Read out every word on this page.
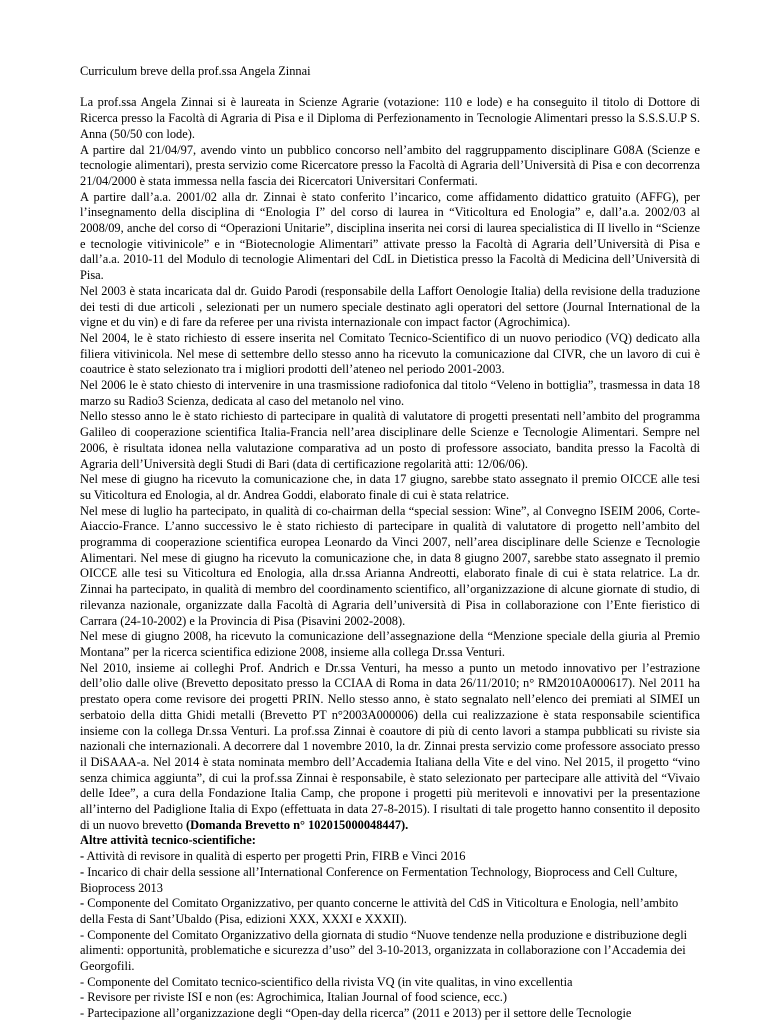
Curriculum breve della prof.ssa Angela Zinnai

La prof.ssa Angela Zinnai si è laureata in Scienze Agrarie (votazione: 110 e lode) e ha conseguito il titolo di Dottore di Ricerca presso la Facoltà di Agraria di Pisa e il Diploma di Perfezionamento in Tecnologie Alimentari presso la S.S.S.U.P S. Anna (50/50 con lode).

A partire dal 21/04/97, avendo vinto un pubblico concorso nell’ambito del raggruppamento disciplinare G08A (Scienze e tecnologie alimentari), presta servizio come Ricercatore presso la Facoltà di Agraria dell’Università di Pisa e con decorrenza 21/04/2000 è stata immessa nella fascia dei Ricercatori Universitari Confermati.

A partire dall’a.a. 2001/02 alla dr. Zinnai è stato conferito l’incarico, come affidamento didattico gratuito (AFFG), per l’insegnamento della disciplina di “Enologia I” del corso di laurea in “Viticoltura ed Enologia” e, dall’a.a. 2002/03 al 2008/09, anche del corso di “Operazioni Unitarie”, disciplina inserita nei corsi di laurea specialistica di II livello in “Scienze e tecnologie vitivinicole” e in “Biotecnologie Alimentari” attivate presso la Facoltà di Agraria dell’Università di Pisa e dall’a.a. 2010-11 del Modulo di tecnologie Alimentari del CdL in Dietistica presso la Facoltà di Medicina dell’Università di Pisa.

Nel 2003 è stata incaricata dal dr. Guido Parodi (responsabile della Laffort Oenologie Italia) della revisione della traduzione dei testi di due articoli , selezionati per un numero speciale destinato agli operatori del settore (Journal International de la vigne et du vin) e di fare da referee per una rivista internazionale con impact factor (Agrochimica).

Nel 2004, le è stato richiesto di essere inserita nel Comitato Tecnico-Scientifico di un nuovo periodico (VQ) dedicato alla filiera vitivinicola. Nel mese di settembre dello stesso anno ha ricevuto la comunicazione dal CIVR, che un lavoro di cui è coautrice è stato selezionato tra i migliori prodotti dell’ateneo nel periodo 2001-2003.

Nel 2006 le è stato chiesto di intervenire in una trasmissione radiofonica dal titolo “Veleno in bottiglia”, trasmessa in data 18 marzo su Radio3 Scienza, dedicata al caso del metanolo nel vino.

Nello stesso anno le è stato richiesto di partecipare in qualità di valutatore di progetti presentati nell’ambito del programma Galileo di cooperazione scientifica Italia-Francia nell’area disciplinare delle Scienze e Tecnologie Alimentari. Sempre nel 2006, è risultata idonea nella valutazione comparativa ad un posto di professore associato, bandita presso la Facoltà di Agraria dell’Università degli Studi di Bari (data di certificazione regolarità atti: 12/06/06).

Nel mese di giugno ha ricevuto la comunicazione che, in data 17 giugno, sarebbe stato assegnato il premio OICCE alle tesi su Viticoltura ed Enologia, al dr. Andrea Goddi, elaborato finale di cui è stata relatrice.

Nel mese di luglio ha partecipato, in qualità di co-chairman della “special session: Wine”, al Convegno ISEIM 2006, Corte-Aiaccio-France. L’anno successivo le è stato richiesto di partecipare in qualità di valutatore di progetto nell’ambito del programma di cooperazione scientifica europea Leonardo da Vinci 2007, nell’area disciplinare delle Scienze e Tecnologie Alimentari. Nel mese di giugno ha ricevuto la comunicazione che, in data 8 giugno 2007, sarebbe stato assegnato il premio OICCE alle tesi su Viticoltura ed Enologia, alla dr.ssa Arianna Andreotti, elaborato finale di cui è stata relatrice. La dr. Zinnai ha partecipato, in qualità di membro del coordinamento scientifico, all’organizzazione di alcune giornate di studio, di rilevanza nazionale, organizzate dalla Facoltà di Agraria dell’università di Pisa in collaborazione con l’Ente fieristico di Carrara (24-10-2002) e la Provincia di Pisa (Pisavini 2002-2008).

Nel mese di giugno 2008, ha ricevuto la comunicazione dell’assegnazione della “Menzione speciale della giuria al Premio Montana” per la ricerca scientifica edizione 2008, insieme alla collega Dr.ssa Venturi.

Nel 2010, insieme ai colleghi Prof. Andrich e Dr.ssa Venturi, ha messo a punto un metodo innovativo per l’estrazione dell’olio dalle olive (Brevetto depositato presso la CCIAA di Roma in data 26/11/2010; n° RM2010A000617). Nel 2011 ha prestato opera come revisore dei progetti PRIN. Nello stesso anno, è stato segnalato nell’elenco dei premiati al SIMEI un serbatoio della ditta Ghidi metalli (Brevetto PT n°2003A000006) della cui realizzazione è stata responsabile scientifica insieme con la collega Dr.ssa Venturi. La prof.ssa Zinnai è coautore di più di cento lavori a stampa pubblicati su riviste sia nazionali che internazionali. A decorrere dal 1 novembre 2010, la dr. Zinnai presta servizio come professore associato presso il DiSAAA-a. Nel 2014 è stata nominata membro dell’Accademia Italiana della Vite e del vino. Nel 2015, il progetto “vino senza chimica aggiunta”, di cui la prof.ssa Zinnai è responsabile, è stato selezionato per partecipare alle attività del “Vivaio delle Idee”, a cura della Fondazione Italia Camp, che propone i progetti più meritevoli e innovativi per la presentazione all’interno del Padiglione Italia di Expo (effettuata in data 27-8-2015). I risultati di tale progetto hanno consentito il deposito di un nuovo brevetto (Domanda Brevetto n° 102015000048447).

Altre attività tecnico-scientifiche:

- Attività di revisore in qualità di esperto per progetti Prin, FIRB e Vinci 2016

- Incarico di chair della sessione all’International Conference on Fermentation Technology, Bioprocess and Cell Culture, Bioprocess 2013

- Componente del Comitato Organizzativo, per quanto concerne le attività del CdS in Viticoltura e Enologia, nell’ambito della Festa di Sant’Ubaldo (Pisa, edizioni XXX, XXXI e XXXII).

- Componente del Comitato Organizzativo della giornata di studio “Nuove tendenze nella produzione e distribuzione degli alimenti: opportunità, problematiche e sicurezza d’uso” del 3-10-2013, organizzata in collaborazione con l’Accademia dei Georgofili.

- Componente del Comitato tecnico-scientifico della rivista VQ (in vite qualitas, in vino excellentia

- Revisore per riviste ISI e non (es: Agrochimica, Italian Journal of food science, ecc.)

- Partecipazione all’organizzazione degli “Open-day della ricerca” (2011 e 2013) per il settore delle Tecnologie
